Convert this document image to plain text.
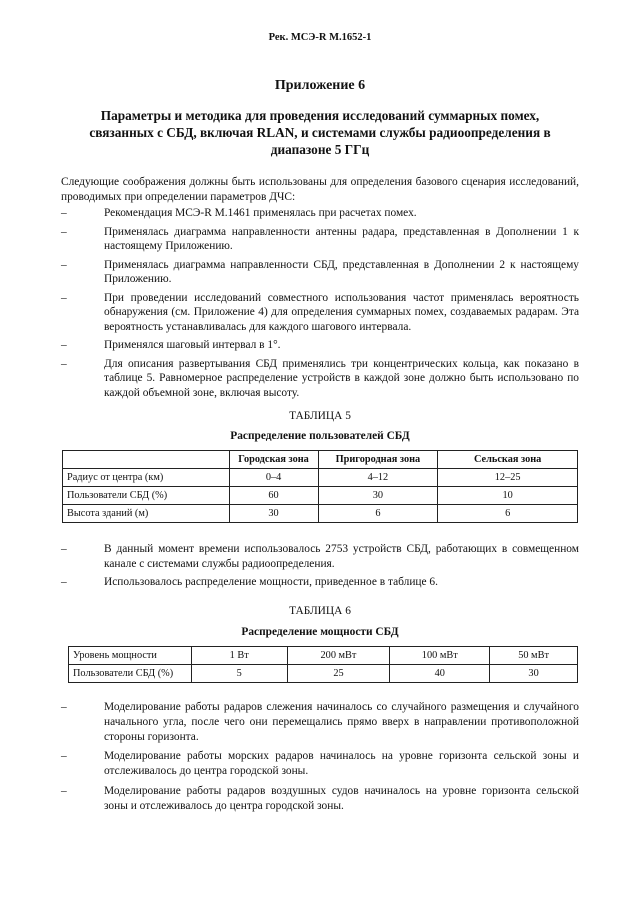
Рек. МСЭ-R M.1652-1
Приложение 6
Параметры и методика для проведения исследований суммарных помех, связанных с СБД, включая RLAN, и системами службы радиоопределения в диапазоне 5 ГГц

Следующие соображения должны быть использованы для определения базового сценария исследований, проводимых при определении параметров ДЧС:

–	Рекомендация МСЭ-R M.1461 применялась при расчетах помех.
–	Применялась диаграмма направленности антенны радара, представленная в Дополнении 1 к настоящему Приложению.
–	Применялась диаграмма направленности СБД, представленная в Дополнении 2 к настоящему Приложению.
–	При проведении исследований совместного использования частот применялась вероятность обнаружения (см. Приложение 4) для определения суммарных помех, создаваемых радарам. Эта вероятность устанавливалась для каждого шагового интервала.
–	Применялся шаговый интервал в 1°.
–	Для описания развертывания СБД применялись три концентрических кольца, как показано в таблице 5. Равномерное распределение устройств в каждой зоне должно быть использовано по каждой объемной зоне, включая высоту.
ТАБЛИЦА 5
Распределение пользователей СБД
	Городская зона	Пригородная зона	Сельская зона
Радиус от центра (км)	0–4	4–12	12–25
Пользователи СБД (%)	60	30	10
Высота зданий (м)	30	6	6
–	В данный момент времени использовалось 2753 устройств СБД, работающих в совмещенном канале с системами службы радиоопределения.
–	Использовалось распределение мощности, приведенное в таблице 6.
ТАБЛИЦА 6
Распределение мощности СБД
Уровень мощности	1 Вт	200 мВт	100 мВт	50 мВт
Пользователи СБД (%)	5	25	40	30
–	Моделирование работы радаров слежения начиналось со случайного размещения и случайного начального угла, после чего они перемещались прямо вверх в направлении противоположной стороны горизонта.
–	Моделирование работы морских радаров начиналось на уровне горизонта сельской зоны и отслеживалось до центра городской зоны.
–	Моделирование работы радаров воздушных судов начиналось на уровне горизонта сельской зоны и отслеживалось до центра городской зоны.
